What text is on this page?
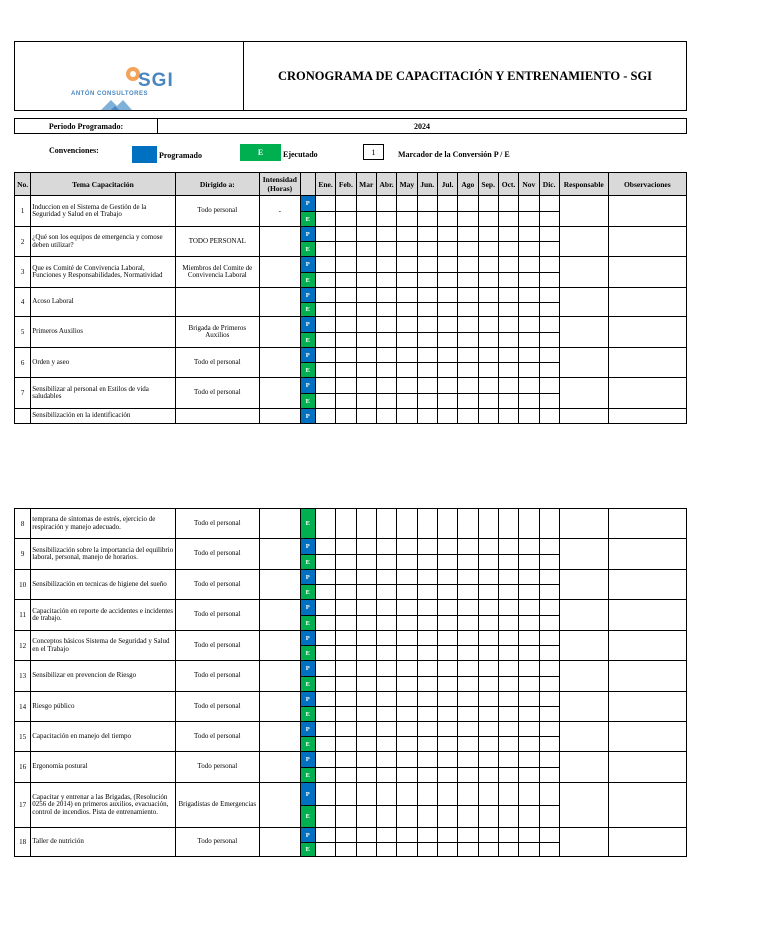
SGI
ANTÓN CONSULTORES
CRONOGRAMA DE CAPACITACIÓN Y ENTRENAMIENTO - SGI
Periodo Programado:	2024
Convenciones:
Programado	E	Ejecutado	1	Marcador de la Conversión P / E
No.	Tema Capacitación	Dirigido a:	Intensidad (Horas)		Ene.	Feb.	Mar	Abr.	May	Jun.	Jul.	Ago	Sep.	Oct.	Nov	Dic.	Responsable	Observaciones
1	Induccion en el Sistema de Gestión de la Seguridad y Salud en el Trabajo	Todo personal	-	P														
				E														
2	¿Qué son los equipos de emergencia y comose deben utilizar?	TODO PERSONAL		P														
				E														
3	Que es Comité de Convivencia Laboral, Funciones y Responsabilidades, Normatividad	Miembros del Comite de Convivencia Laboral		P														
				E														
4	Acoso Laboral			P														
				E														
5	Primeros Auxilios	Brigada de Primeros Auxilios		P														
				E														
6	Orden y aseo	Todo el personal		P														
				E														
7	Sensibilizar al personal en Estilos de vida saludables	Todo el personal		P														
				E														
	Sensibilización en la identificación			P														
8	temprana de síntomas de estrés, ejercicio de respiración y manejo adecuado.	Todo el personal		E														
9	Sensibilización sobre la importancia del equilibrio laboral, personal, manejo de horarios.	Todo el personal		P														
				E														
10	Sensibilización en tecnicas de higiene del sueño	Todo el personal		P														
				E														
11	Capacitación en reporte de accidentes e incidentes de trabajo.	Todo el personal		P														
				E														
12	Conceptos básicos Sistema de Seguridad y Salud en el Trabajo	Todo el personal		P														
				E														
13	Sensibilizar en prevencion de Riesgo	Todo el personal		P														
				E														
14	Riesgo público	Todo el personal		P														
				E														
15	Capacitación en manejo del tiempo	Todo el personal		P														
				E														
16	Ergonomía postural	Todo personal		P														
				E														
17	Capacitar y entrenar a las Brigadas, (Resolución 0256 de 2014) en primeros auxilios, evacuación, control de incendios. Pista de entrenamiento.	Brigadistas de Emergencias		P														
				E														
18	Taller de nutrición	Todo personal		P														
				E														
